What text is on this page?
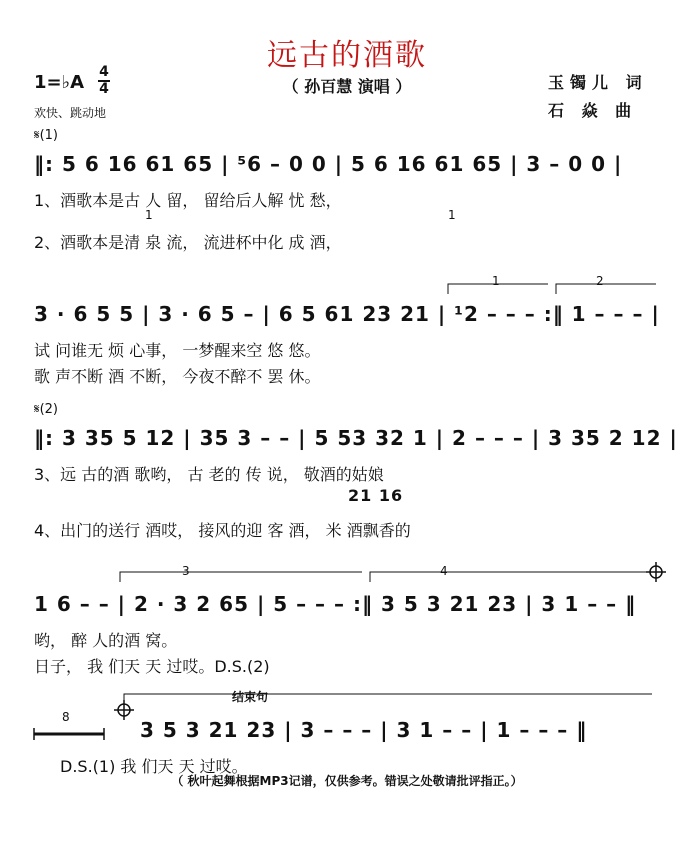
远古的酒歌
1=♭A 4
4	（ 孙百慧 演唱 ）	玉镯儿 词
石 焱 曲
欢快、跳动地
𝄋(1)
‖: 5 6 16 61 65 | ⁵6 – 0 0 | 5 6 16 61 65 | 3 – 0 0 |
1	1
1、酒歌本是古 人 留， 留给后人解 忧 愁，
2、酒歌本是清 泉 流， 流进杯中化 成 酒，
1	2
3 · 6 5 5 | 3 · 6 5 – | 6 5 61 23 21 | ¹2 – – – :‖ 1 – – – |
试 问谁无 烦 心事， 一梦醒来空 悠 悠。
歌 声不断 酒 不断， 今夜不醉不 罢 休。
𝄋(2)
‖: 3 35 5 12 | 35 3 – – | 5 53 32 1 | 2 – – – | 3 35 2 12 |
3、远 古的酒 歌哟， 古 老的 传 说， 敬酒的姑娘
21 16
4、出门的送行 酒哎， 接风的迎 客 酒， 米 酒飘香的
3	4
1 6 – – | 2 · 3 2 65 | 5 – – – :‖ 3 5 3 21 23 | 3 1 – – ‖
哟， 醉 人的酒 窝。
日子， 我 们天 天 过哎。D.S.(2)
结束句
8
3 5 3 21 23 | 3 – – – | 3 1 – – | 1 – – – ‖
D.S.(1) 我 们天 天 过哎。
（ 秋叶起舞根据MP3记谱，仅供参考。错误之处敬请批评指正。）
